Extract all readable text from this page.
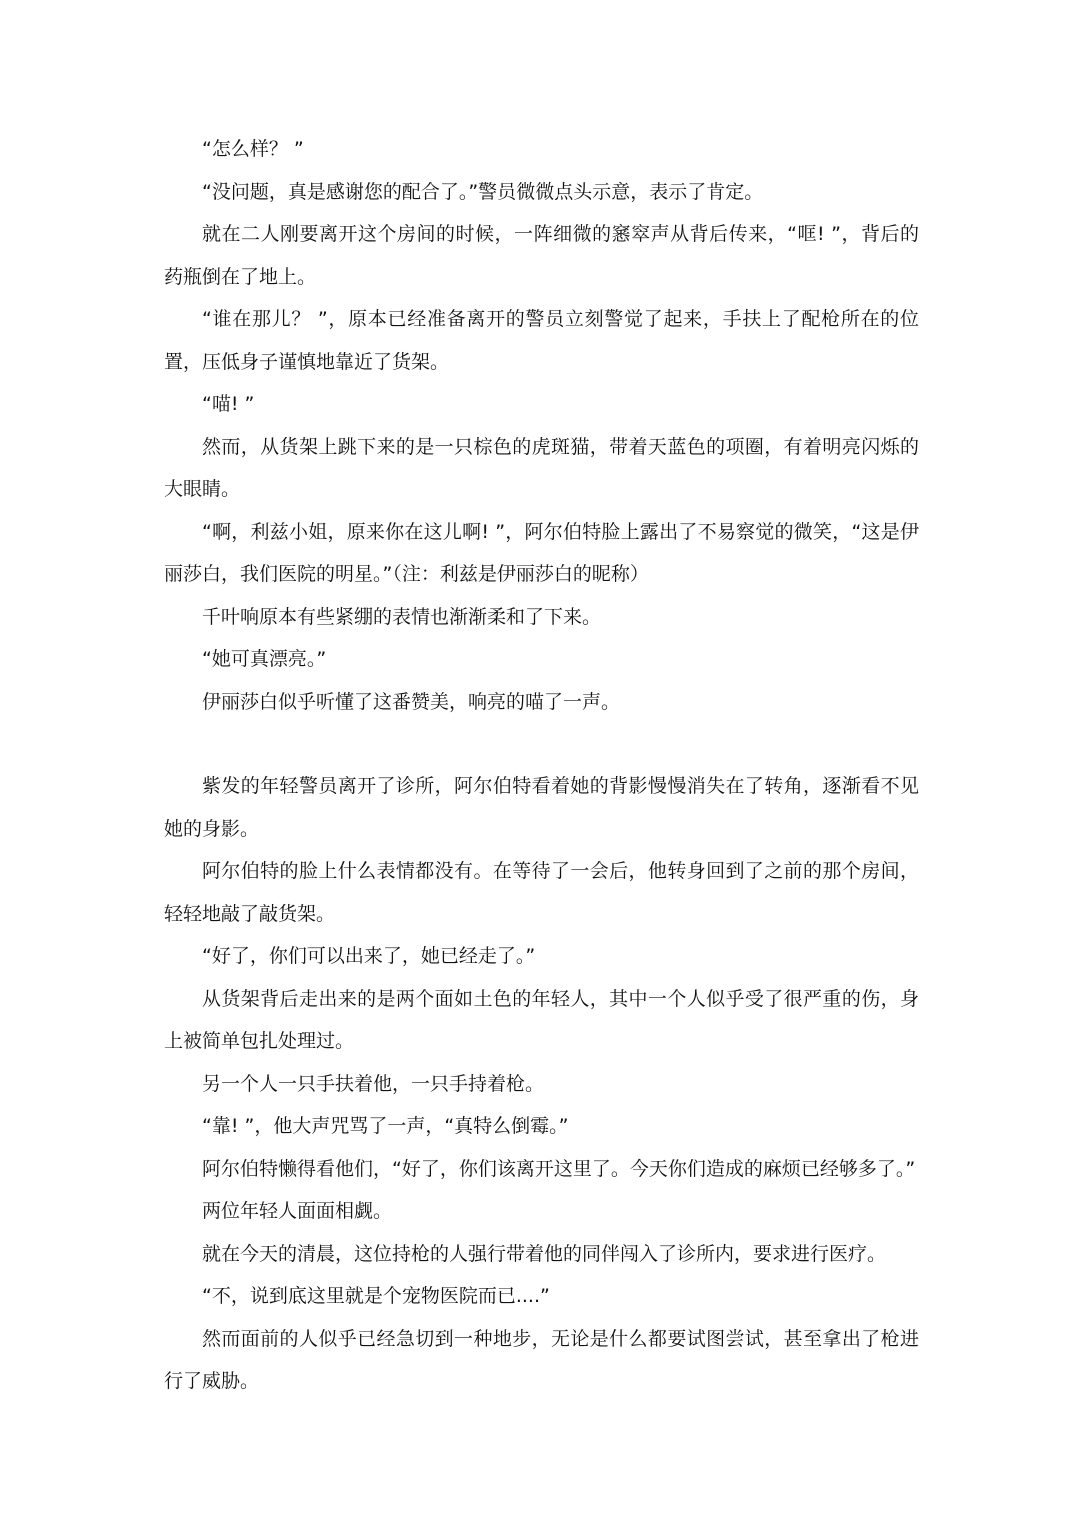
“怎么样？ ”

“没问题，真是感谢您的配合了。”警员微微点头示意，表示了肯定。

就在二人刚要离开这个房间的时候，一阵细微的窸窣声从背后传来，“哐! ”，背后的药瓶倒在了地上。

“谁在那儿？ ”，原本已经准备离开的警员立刻警觉了起来，手扶上了配枪所在的位置，压低身子谨慎地靠近了货架。

“喵! ”

然而，从货架上跳下来的是一只棕色的虎斑猫，带着天蓝色的项圈，有着明亮闪烁的大眼睛。

“啊，利兹小姐，原来你在这儿啊! ”，阿尔伯特脸上露出了不易察觉的微笑，“这是伊丽莎白，我们医院的明星。”（注：利兹是伊丽莎白的昵称）

千叶响原本有些紧绷的表情也渐渐柔和了下来。

“她可真漂亮。”

伊丽莎白似乎听懂了这番赞美，响亮的喵了一声。

紫发的年轻警员离开了诊所，阿尔伯特看着她的背影慢慢消失在了转角，逐渐看不见她的身影。

阿尔伯特的脸上什么表情都没有。在等待了一会后，他转身回到了之前的那个房间，轻轻地敲了敲货架。

“好了，你们可以出来了，她已经走了。”

从货架背后走出来的是两个面如土色的年轻人，其中一个人似乎受了很严重的伤，身上被简单包扎处理过。

另一个人一只手扶着他，一只手持着枪。

“靠! ”，他大声咒骂了一声，“真特么倒霉。”

阿尔伯特懒得看他们，“好了，你们该离开这里了。今天你们造成的麻烦已经够多了。”

两位年轻人面面相觑。

就在今天的清晨，这位持枪的人强行带着他的同伴闯入了诊所内，要求进行医疗。

“不，说到底这里就是个宠物医院而已....”

然而面前的人似乎已经急切到一种地步，无论是什么都要试图尝试，甚至拿出了枪进行了威胁。
